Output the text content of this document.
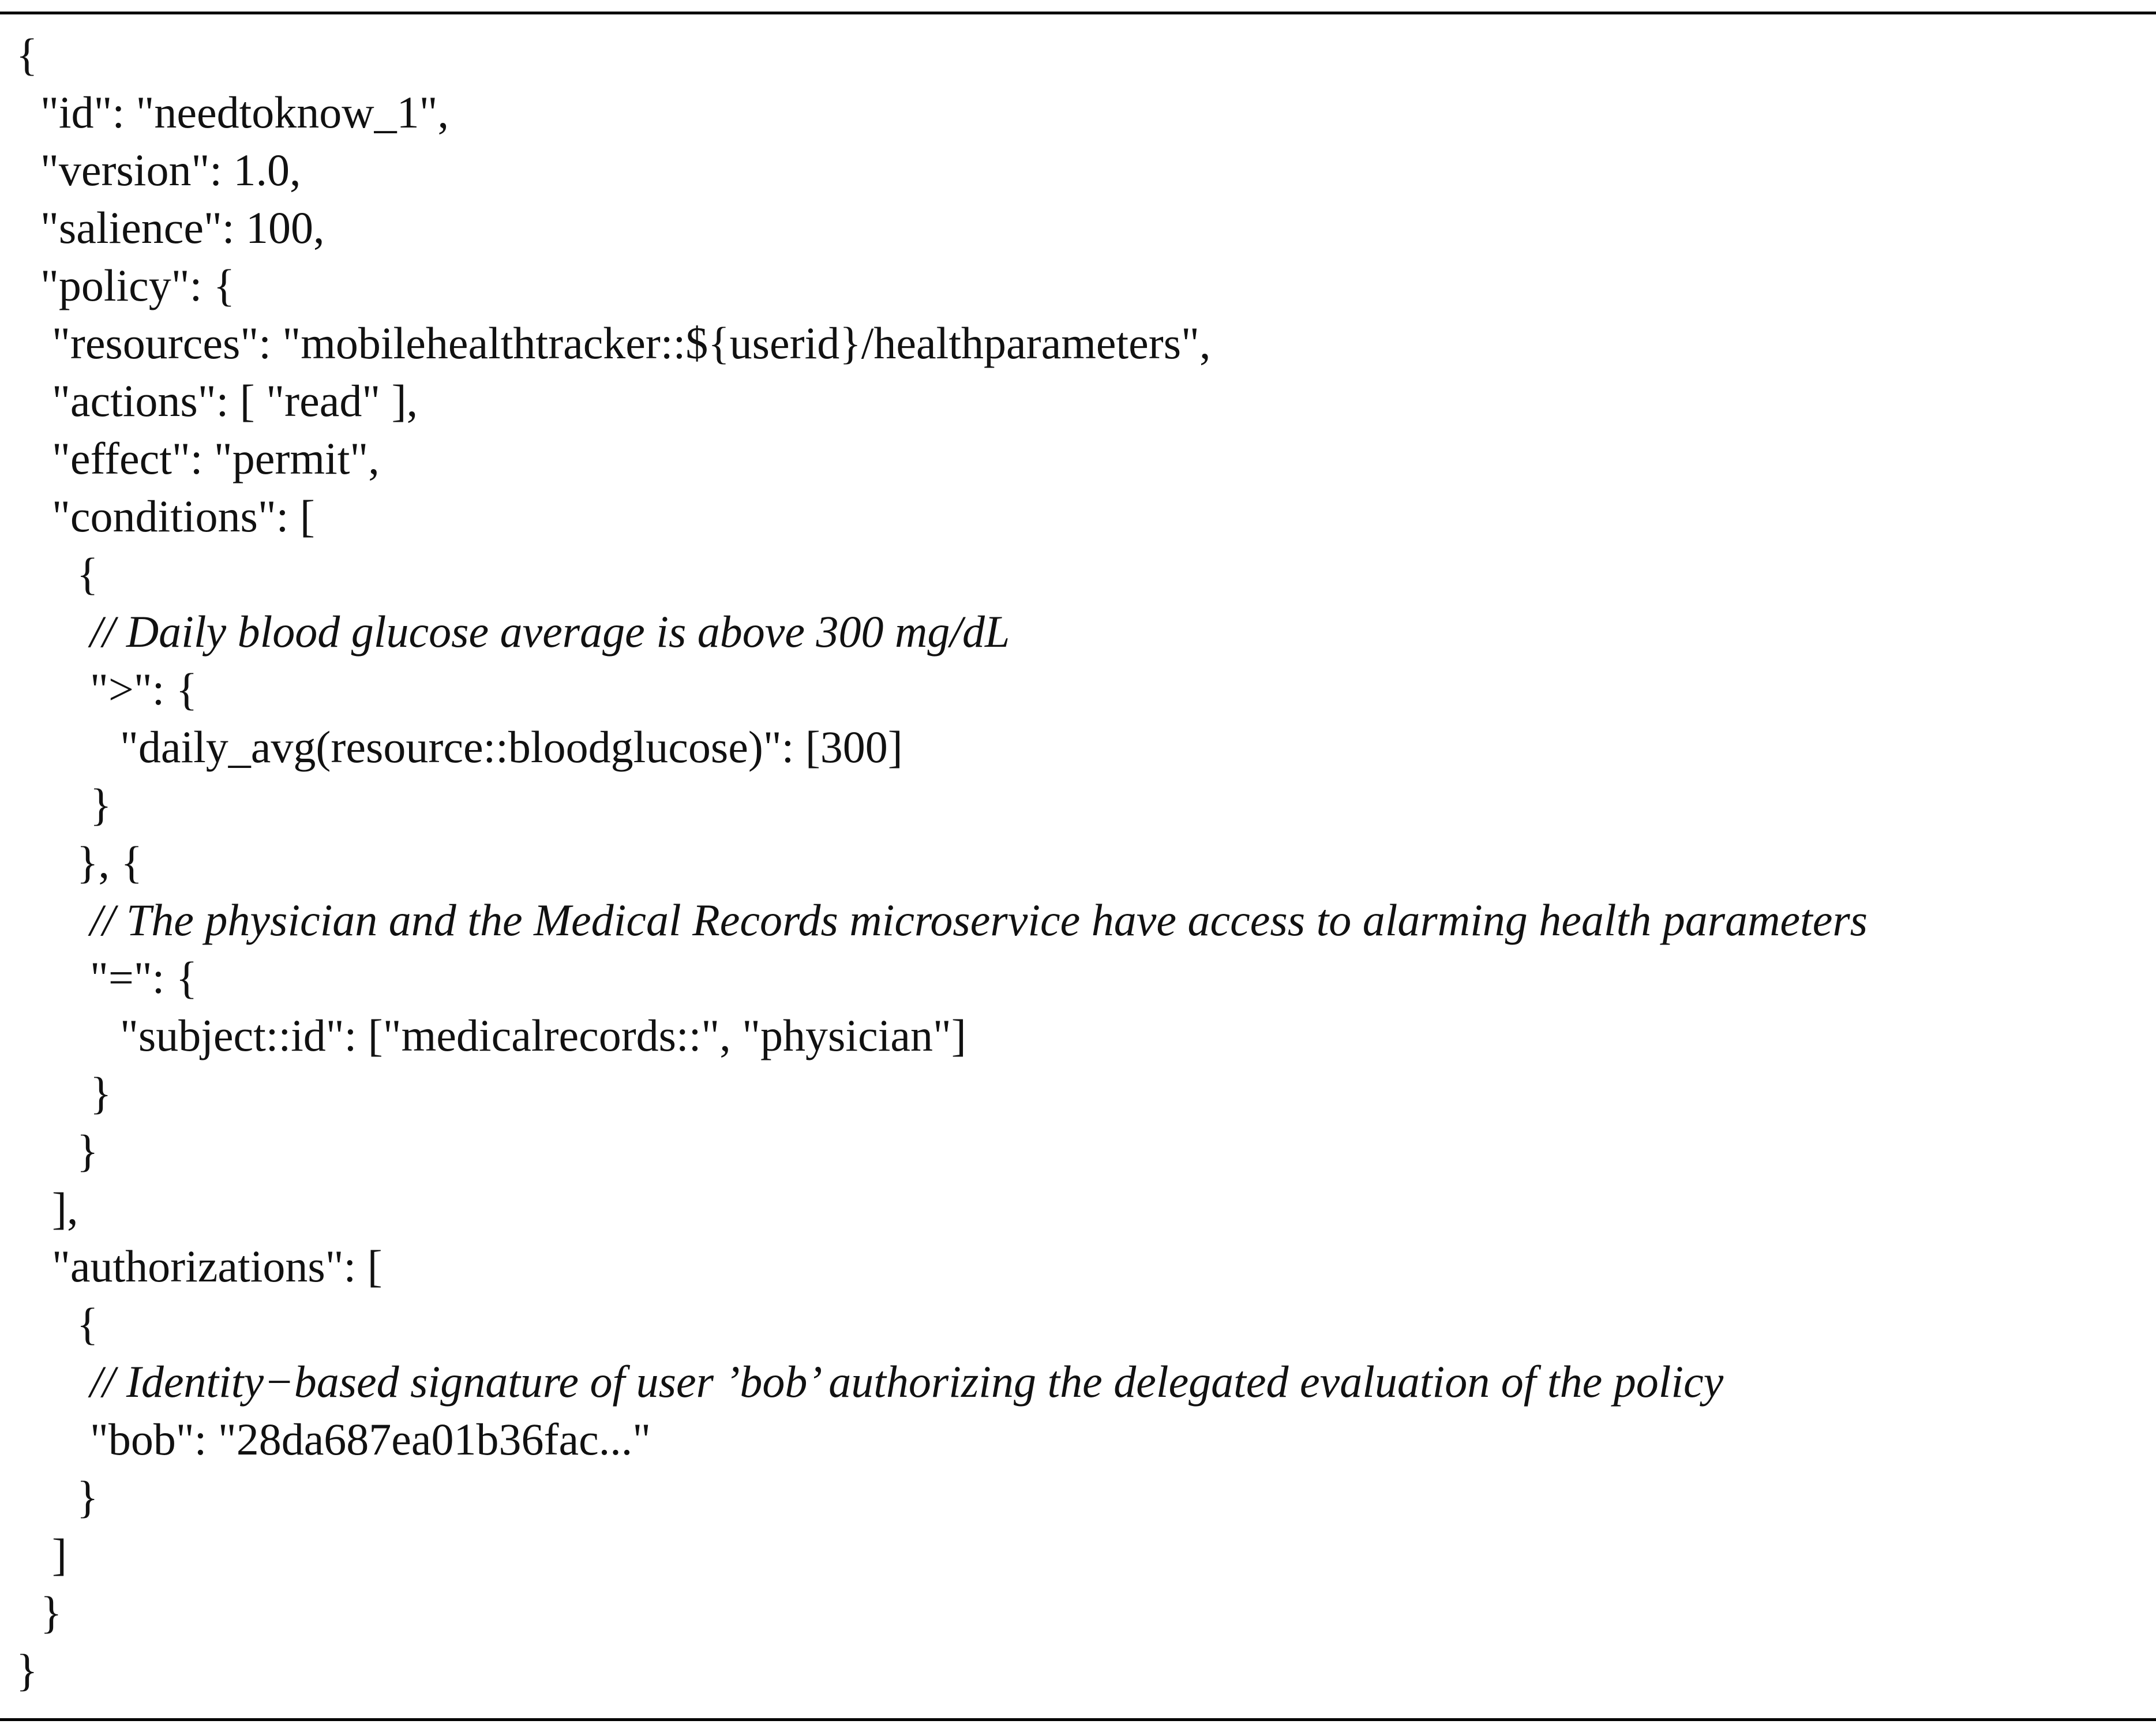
{
"id": "needtoknow_1",
"version": 1.0,
"salience": 100,
"policy": {
"resources": "mobilehealthtracker::${userid}/healthparameters",
"actions": [ "read" ],
"effect": "permit",
"conditions": [
{
// Daily blood glucose average is above 300 mg/dL
">": {
"daily_avg(resource::bloodglucose)": [300]
}
}, {
// The physician and the Medical Records microservice have access to alarming health parameters
"=": {
"subject::id": ["medicalrecords::", "physician"]
}
}
],
"authorizations": [
{
// Identity−based signature of user ’bob’ authorizing the delegated evaluation of the policy
"bob": "28da687ea01b36fac..."
}
]
}
}
